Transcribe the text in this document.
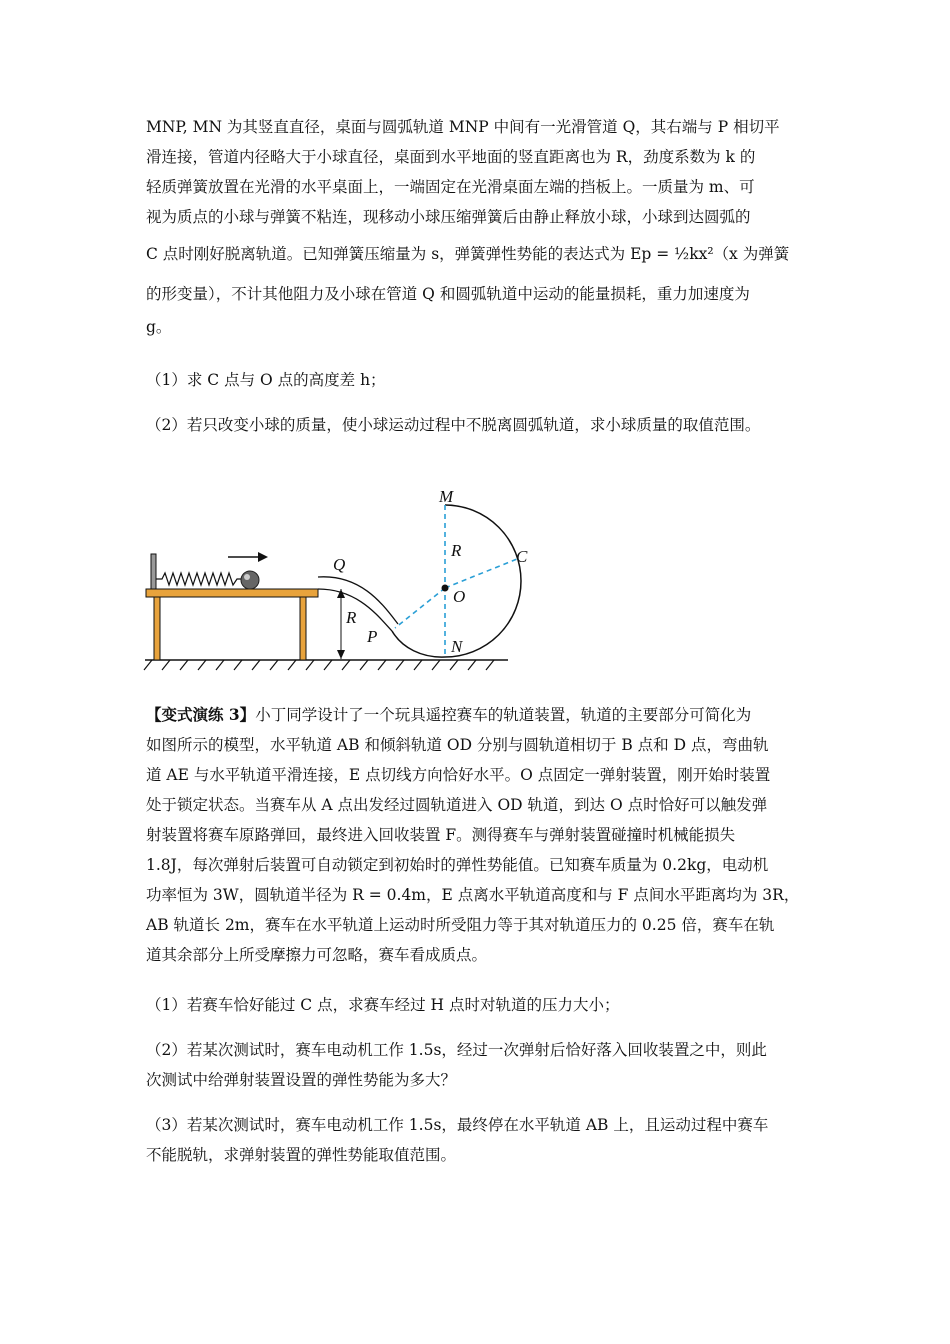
MNP, MN 为其竖直直径，桌面与圆弧轨道 MNP 中间有一光滑管道 Q，其右端与 P 相切平
滑连接，管道内径略大于小球直径，桌面到水平地面的竖直距离也为 R，劲度系数为 k 的
轻质弹簧放置在光滑的水平桌面上，一端固定在光滑桌面左端的挡板上。一质量为 m、可
视为质点的小球与弹簧不粘连，现移动小球压缩弹簧后由静止释放小球，小球到达圆弧的
C 点时刚好脱离轨道。已知弹簧压缩量为 s，弹簧弹性势能的表达式为 Ep = ½kx²（x 为弹簧
的形变量），不计其他阻力及小球在管道 Q 和圆弧轨道中运动的能量损耗，重力加速度为
g。
（1）求 C 点与 O 点的高度差 h；
（2）若只改变小球的质量，使小球运动过程中不脱离圆弧轨道，求小球质量的取值范围。
M
R	C
O
Q
R
P
N
【变式演练 3】小丁同学设计了一个玩具遥控赛车的轨道装置，轨道的主要部分可简化为
如图所示的模型，水平轨道 AB 和倾斜轨道 OD 分别与圆轨道相切于 B 点和 D 点，弯曲轨
道 AE 与水平轨道平滑连接，E 点切线方向恰好水平。O 点固定一弹射装置，刚开始时装置
处于锁定状态。当赛车从 A 点出发经过圆轨道进入 OD 轨道，到达 O 点时恰好可以触发弹
射装置将赛车原路弹回，最终进入回收装置 F。测得赛车与弹射装置碰撞时机械能损失
1.8J，每次弹射后装置可自动锁定到初始时的弹性势能值。已知赛车质量为 0.2kg，电动机
功率恒为 3W，圆轨道半径为 R = 0.4m，E 点离水平轨道高度和与 F 点间水平距离均为 3R，
AB 轨道长 2m，赛车在水平轨道上运动时所受阻力等于其对轨道压力的 0.25 倍，赛车在轨
道其余部分上所受摩擦力可忽略，赛车看成质点。
（1）若赛车恰好能过 C 点，求赛车经过 H 点时对轨道的压力大小；
（2）若某次测试时，赛车电动机工作 1.5s，经过一次弹射后恰好落入回收装置之中，则此
次测试中给弹射装置设置的弹性势能为多大？
（3）若某次测试时，赛车电动机工作 1.5s，最终停在水平轨道 AB 上，且运动过程中赛车
不能脱轨，求弹射装置的弹性势能取值范围。
